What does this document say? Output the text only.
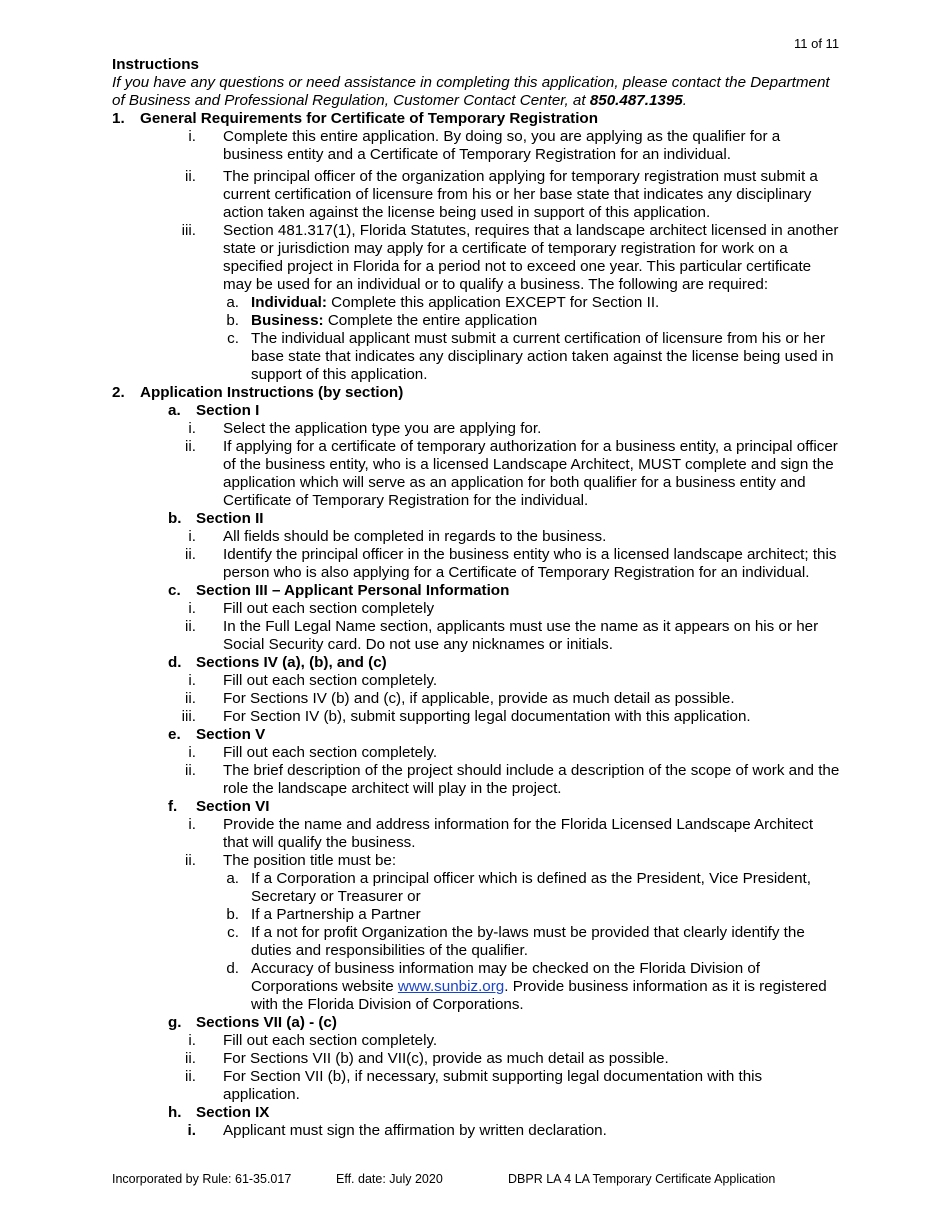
11 of 11
Instructions
If you have any questions or need assistance in completing this application, please contact the Department of Business and Professional Regulation, Customer Contact Center, at 850.487.1395.
1.	General Requirements for Certificate of Temporary Registration
i.	Complete this entire application. By doing so, you are applying as the qualifier for a business entity and a Certificate of Temporary Registration for an individual.
ii.	The principal officer of the organization applying for temporary registration must submit a current certification of licensure from his or her base state that indicates any disciplinary action taken against the license being used in support of this application.
iii.	Section 481.317(1), Florida Statutes, requires that a landscape architect licensed in another state or jurisdiction may apply for a certificate of temporary registration for work on a specified project in Florida for a period not to exceed one year. This particular certificate may be used for an individual or to qualify a business. The following are required:
a. Individual: Complete this application EXCEPT for Section II.
b. Business: Complete the entire application
c. The individual applicant must submit a current certification of licensure from his or her base state that indicates any disciplinary action taken against the license being used in support of this application.
2.	Application Instructions (by section)
a.	Section I
i.	Select the application type you are applying for.
ii.	If applying for a certificate of temporary authorization for a business entity, a principal officer of the business entity, who is a licensed Landscape Architect, MUST complete and sign the application which will serve as an application for both qualifier for a business entity and Certificate of Temporary Registration for the individual.
b. Section II
i.	All fields should be completed in regards to the business.
ii.	Identify the principal officer in the business entity who is a licensed landscape architect; this person who is also applying for a Certificate of Temporary Registration for an individual.
c.	Section III – Applicant Personal Information
i.	Fill out each section completely
ii.	In the Full Legal Name section, applicants must use the name as it appears on his or her Social Security card. Do not use any nicknames or initials.
d. Sections IV (a), (b), and (c)
i.	Fill out each section completely.
ii.	For Sections IV (b) and (c), if applicable, provide as much detail as possible.
iii.	For Section IV (b), submit supporting legal documentation with this application.
e.	Section V
i.	Fill out each section completely.
ii.	The brief description of the project should include a description of the scope of work and the role the landscape architect will play in the project.
f.	Section VI
i.	Provide the name and address information for the Florida Licensed Landscape Architect that will qualify the business.
ii.	The position title must be:
a. If a Corporation a principal officer which is defined as the President, Vice President, Secretary or Treasurer or
b. If a Partnership a Partner
c. If a not for profit Organization the by-laws must be provided that clearly identify the duties and responsibilities of the qualifier.
d. Accuracy of business information may be checked on the Florida Division of Corporations website www.sunbiz.org. Provide business information as it is registered with the Florida Division of Corporations.
g. Sections VII (a) - (c)
i.	Fill out each section completely.
ii.	For Sections VII (b) and VII(c), provide as much detail as possible.
ii.	For Section VII (b), if necessary, submit supporting legal documentation with this application.
h. Section IX
i.	Applicant must sign the affirmation by written declaration.
Incorporated by Rule: 61-35.017	Eff. date: July 2020	DBPR LA 4 LA Temporary Certificate Application
